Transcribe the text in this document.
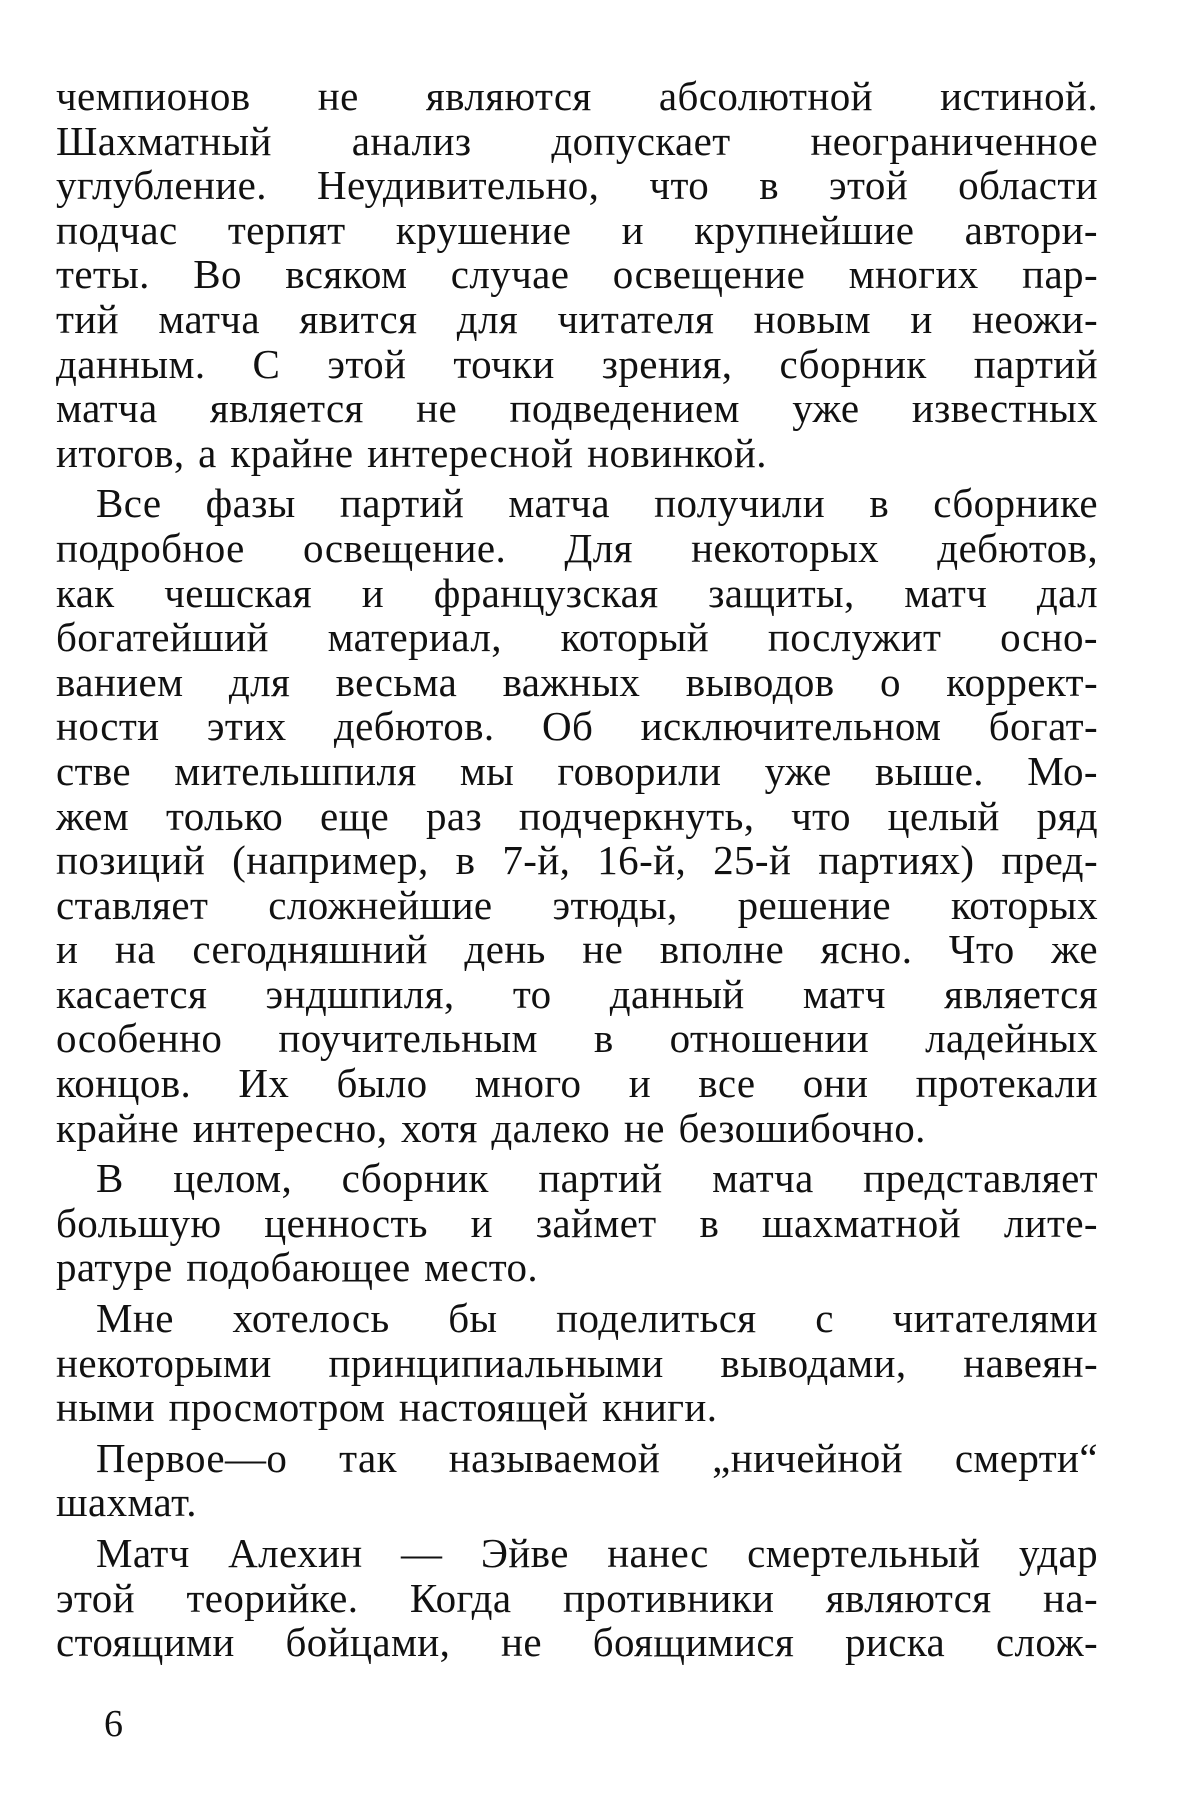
чемпионов не являются абсолютной истиной.
Шахматный анализ допускает неограниченное
углубление. Неудивительно, что в этой области
подчас терпят крушение и крупнейшие автори-
теты. Во всяком случае освещение многих пар-
тий матча явится для читателя новым и неожи-
данным. С этой точки зрения, сборник партий
матча является не подведением уже известных
итогов, а крайне интересной новинкой.

Все фазы партий матча получили в сборнике
подробное освещение. Для некоторых дебютов,
как чешская и французская защиты, матч дал
богатейший материал, который послужит осно-
ванием для весьма важных выводов о коррект-
ности этих дебютов. Об исключительном богат-
стве мительшпиля мы говорили уже выше. Мо-
жем только еще раз подчеркнуть, что целый ряд
позиций (например, в 7-й, 16-й, 25-й партиях) пред-
ставляет сложнейшие этюды, решение которых
и на сегодняшний день не вполне ясно. Что же
касается эндшпиля, то данный матч является
особенно поучительным в отношении ладейных
концов. Их было много и все они протекали
крайне интересно, хотя далеко не безошибочно.

В целом, сборник партий матча представляет
большую ценность и займет в шахматной лите-
ратуре подобающее место.

Мне хотелось бы поделиться с читателями
некоторыми принципиальными выводами, навеян-
ными просмотром настоящей книги.

Первое—о так называемой „ничейной смерти“
шахмат.

Матч Алехин — Эйве нанес смертельный удар
этой теорийке. Когда противники являются на-
стоящими бойцами, не боящимися риска слож-

6
